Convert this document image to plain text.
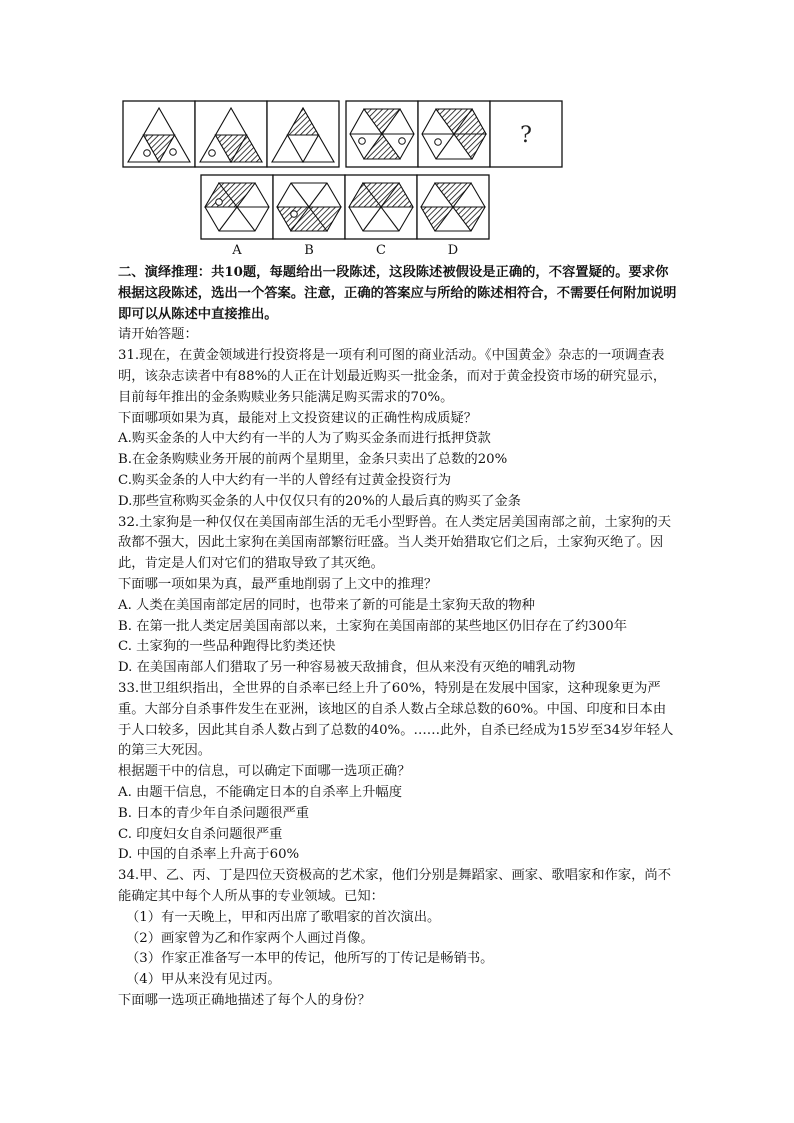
?
A	B	C	D

二、演绎推理：共10题，每题给出一段陈述，这段陈述被假设是正确的，不容置疑的。要求你根据这段陈述，选出一个答案。注意，正确的答案应与所给的陈述相符合，不需要任何附加说明即可以从陈述中直接推出。

请开始答题：

31.现在，在黄金领域进行投资将是一项有利可图的商业活动。《中国黄金》杂志的一项调查表明，该杂志读者中有88%的人正在计划最近购买一批金条，而对于黄金投资市场的研究显示，目前每年推出的金条购赎业务只能满足购买需求的70%。

下面哪项如果为真，最能对上文投资建议的正确性构成质疑？

A.购买金条的人中大约有一半的人为了购买金条而进行抵押贷款

B.在金条购赎业务开展的前两个星期里，金条只卖出了总数的20%

C.购买金条的人中大约有一半的人曾经有过黄金投资行为

D.那些宣称购买金条的人中仅仅只有的20%的人最后真的购买了金条

32.土家狗是一种仅仅在美国南部生活的无毛小型野兽。在人类定居美国南部之前，土家狗的天敌都不强大，因此土家狗在美国南部繁衍旺盛。当人类开始猎取它们之后，土家狗灭绝了。因此，肯定是人们对它们的猎取导致了其灭绝。

下面哪一项如果为真，最严重地削弱了上文中的推理？

A. 人类在美国南部定居的同时，也带来了新的可能是土家狗天敌的物种

B. 在第一批人类定居美国南部以来，土家狗在美国南部的某些地区仍旧存在了约300年

C. 土家狗的一些品种跑得比豹类还快

D. 在美国南部人们猎取了另一种容易被天敌捕食，但从来没有灭绝的哺乳动物

33.世卫组织指出，全世界的自杀率已经上升了60%，特别是在发展中国家，这种现象更为严重。大部分自杀事件发生在亚洲，该地区的自杀人数占全球总数的60%。中国、印度和日本由于人口较多，因此其自杀人数占到了总数的40%。……此外，自杀已经成为15岁至34岁年轻人的第三大死因。

根据题干中的信息，可以确定下面哪一选项正确？

A. 由题干信息，不能确定日本的自杀率上升幅度

B. 日本的青少年自杀问题很严重

C. 印度妇女自杀问题很严重

D. 中国的自杀率上升高于60%

34.甲、乙、丙、丁是四位天资极高的艺术家，他们分别是舞蹈家、画家、歌唱家和作家，尚不能确定其中每个人所从事的专业领域。已知：

（1）有一天晚上，甲和丙出席了歌唱家的首次演出。

（2）画家曾为乙和作家两个人画过肖像。

（3）作家正准备写一本甲的传记，他所写的丁传记是畅销书。

（4）甲从来没有见过丙。

下面哪一选项正确地描述了每个人的身份？
